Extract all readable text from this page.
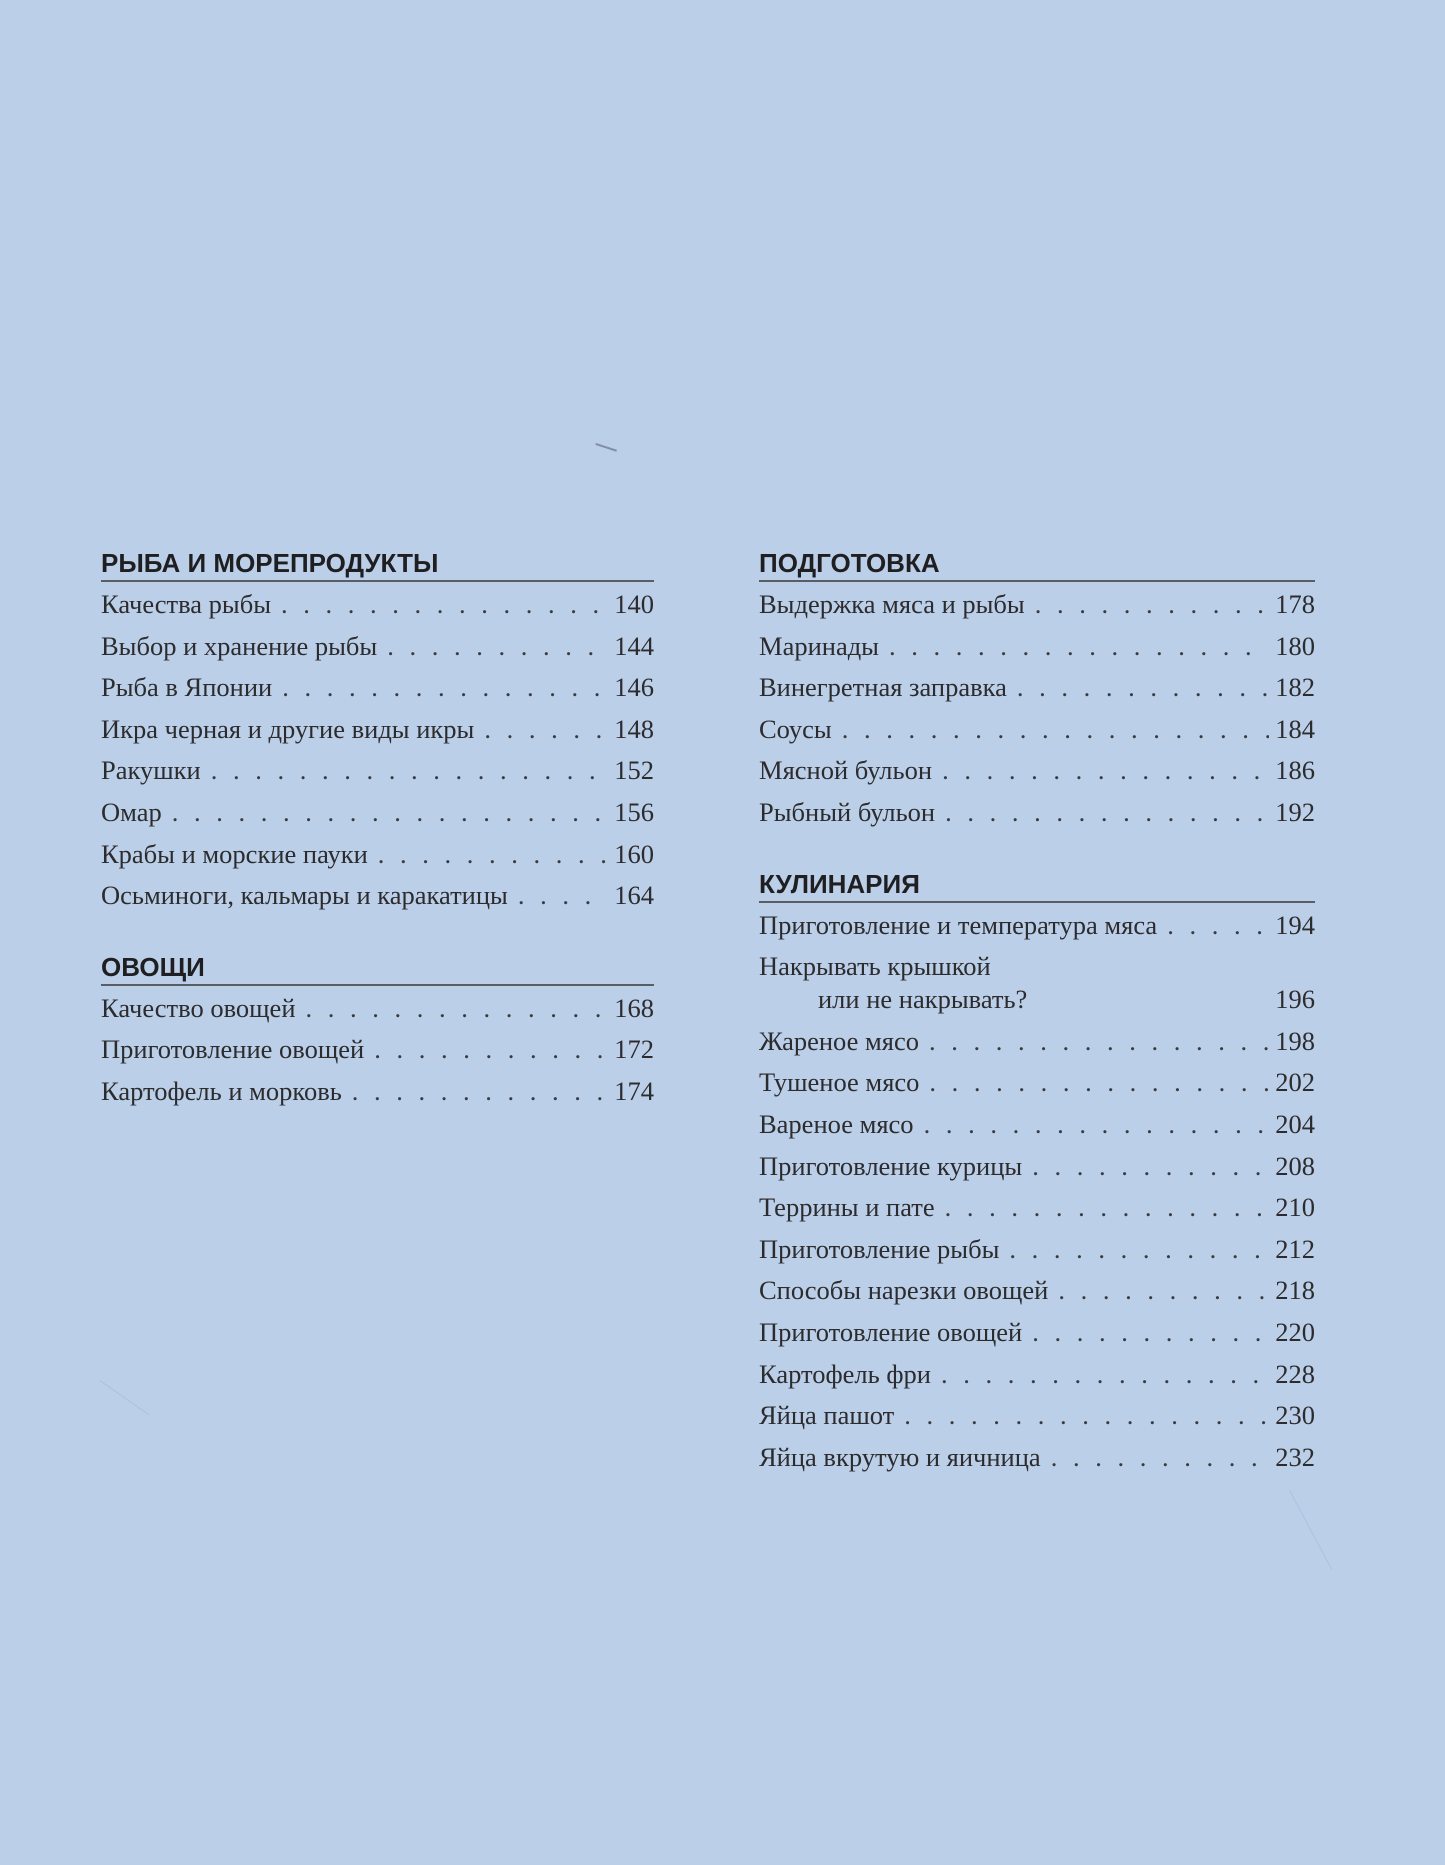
РЫБА И МОРЕПРОДУКТЫ
Качества рыбы . . .	140
Выбор и хранение рыбы . . .	144
Рыба в Японии . . .	146
Икра черная и другие виды икры . . .	148
Ракушки . . .	152
Омар . . .	156
Крабы и морские пауки . . .	160
Осьминоги, кальмары и каракатицы . . .	164
ОВОЩИ
Качество овощей . . .	168
Приготовление овощей . . .	172
Картофель и морковь . . .	174
ПОДГОТОВКА
Выдержка мяса и рыбы . . .	178
Маринады . . .	180
Винегретная заправка . . .	182
Соусы . . .	184
Мясной бульон . . .	186
Рыбный бульон . . .	192
КУЛИНАРИЯ
Приготовление и температура мяса . . .	194
Накрывать крышкой
или не накрывать?	196
Жареное мясо . . .	198
Тушеное мясо . . .	202
Вареное мясо . . .	204
Приготовление курицы . . .	208
Террины и пате . . .	210
Приготовление рыбы . . .	212
Способы нарезки овощей . . .	218
Приготовление овощей . . .	220
Картофель фри . . .	228
Яйца пашот . . .	230
Яйца вкрутую и яичница . . .	232
